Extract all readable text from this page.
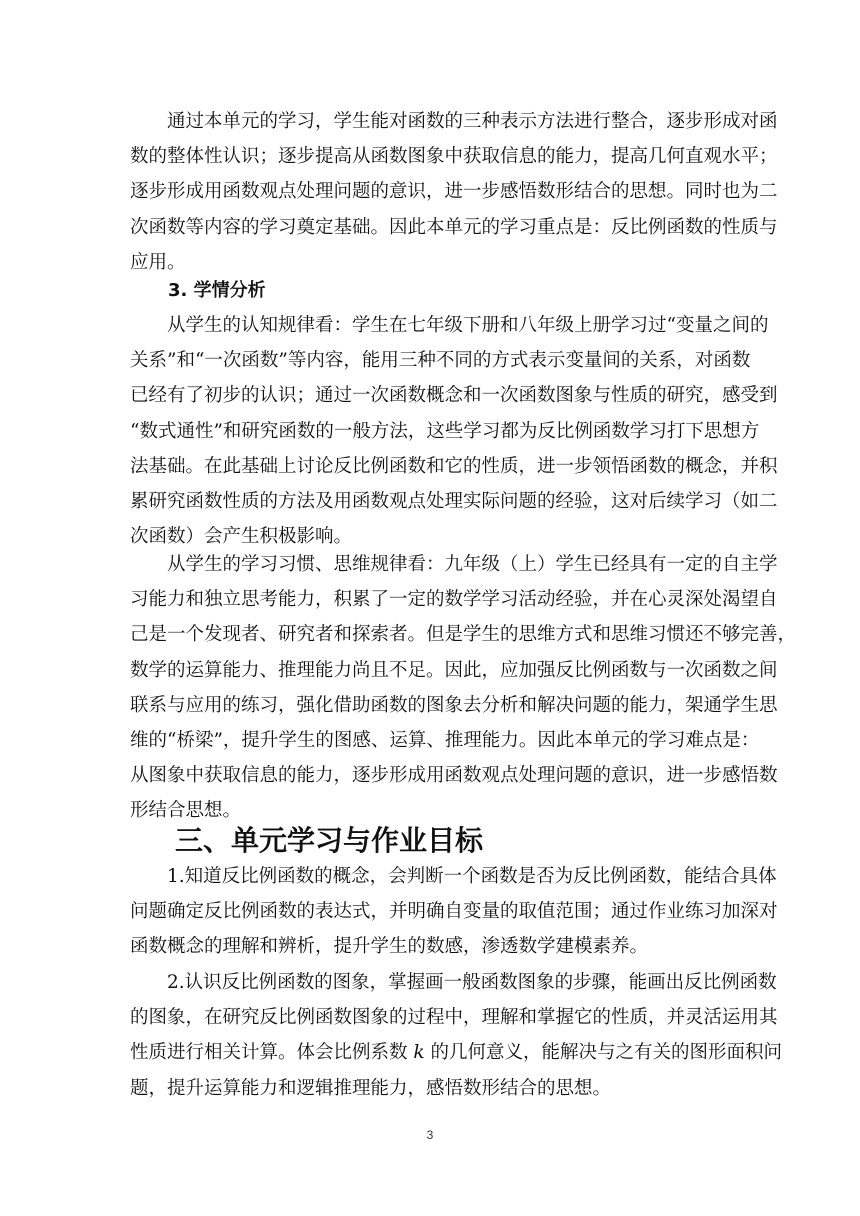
通过本单元的学习，学生能对函数的三种表示方法进行整合，逐步形成对函
数的整体性认识；逐步提高从函数图象中获取信息的能力，提高几何直观水平；
逐步形成用函数观点处理问题的意识，进一步感悟数形结合的思想。同时也为二
次函数等内容的学习奠定基础。因此本单元的学习重点是：反比例函数的性质与
应用。
3. 学情分析
从学生的认知规律看：学生在七年级下册和八年级上册学习过“变量之间的
关系”和“一次函数”等内容，能用三种不同的方式表示变量间的关系，对函数
已经有了初步的认识；通过一次函数概念和一次函数图象与性质的研究，感受到
“数式通性”和研究函数的一般方法，这些学习都为反比例函数学习打下思想方
法基础。在此基础上讨论反比例函数和它的性质，进一步领悟函数的概念，并积
累研究函数性质的方法及用函数观点处理实际问题的经验，这对后续学习（如二
次函数）会产生积极影响。
从学生的学习习惯、思维规律看：九年级（上）学生已经具有一定的自主学
习能力和独立思考能力，积累了一定的数学学习活动经验，并在心灵深处渴望自
己是一个发现者、研究者和探索者。但是学生的思维方式和思维习惯还不够完善，
数学的运算能力、推理能力尚且不足。因此，应加强反比例函数与一次函数之间
联系与应用的练习，强化借助函数的图象去分析和解决问题的能力，架通学生思
维的“桥梁”，提升学生的图感、运算、推理能力。因此本单元的学习难点是：
从图象中获取信息的能力，逐步形成用函数观点处理问题的意识，进一步感悟数
形结合思想。
三、单元学习与作业目标
1.知道反比例函数的概念，会判断一个函数是否为反比例函数，能结合具体
问题确定反比例函数的表达式，并明确自变量的取值范围；通过作业练习加深对
函数概念的理解和辨析，提升学生的数感，渗透数学建模素养。
2.认识反比例函数的图象，掌握画一般函数图象的步骤，能画出反比例函数
的图象，在研究反比例函数图象的过程中，理解和掌握它的性质，并灵活运用其
性质进行相关计算。体会比例系数 k 的几何意义，能解决与之有关的图形面积问
题，提升运算能力和逻辑推理能力，感悟数形结合的思想。
3
